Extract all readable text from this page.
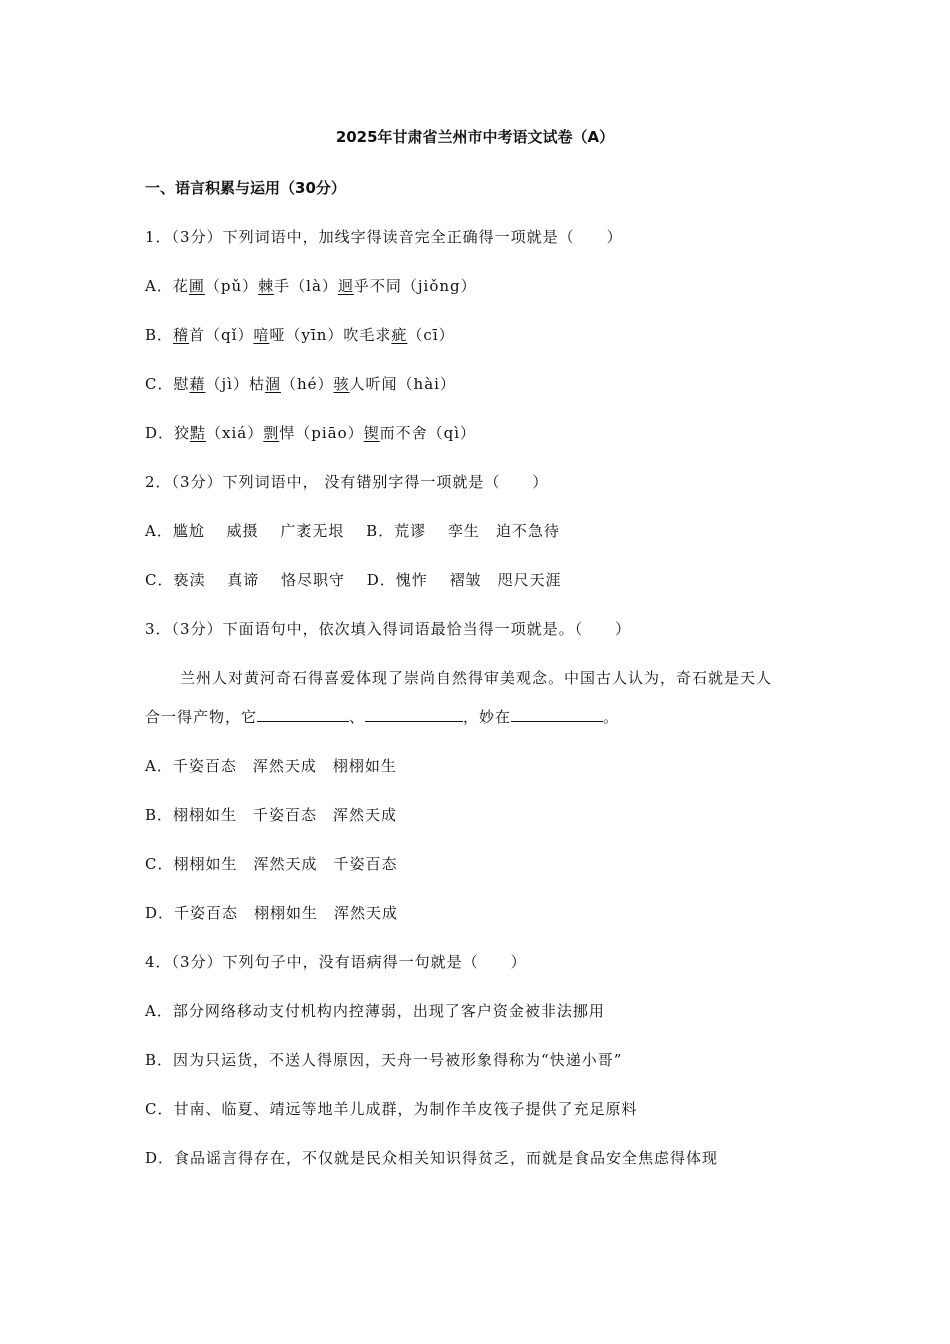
2025年甘肃省兰州市中考语文试卷（A）
一、语言积累与运用（30分）
1．（3分）下列词语中，加线字得读音完全正确得一项就是（　　）
A．花圃（pǔ）棘手（là）迥乎不同（jiǒng）
B．稽首（qǐ）喑哑（yīn）吹毛求疵（cī）
C．慰藉（jì）枯涸（hé）骇人听闻（hài）
D．狡黠（xiá）剽悍（piāo）锲而不舍（qì）
2．（3分）下列词语中， 没有错别字得一项就是（　　）
A．尴尬　 威摄　 广袤无垠　 B．荒谬　 孪生　迫不急待
C．亵渎　 真谛　 恪尽职守　 D．愧怍　 褶皱　咫尺天涯
3．（3分）下面语句中，依次填入得词语最恰当得一项就是。（　　）
兰州人对黄河奇石得喜爱体现了崇尚自然得审美观念。中国古人认为，奇石就是天人
合一得产物，它	、	，妙在	。
A．千姿百态　浑然天成　栩栩如生
B．栩栩如生　千姿百态　浑然天成
C．栩栩如生　浑然天成　千姿百态
D．千姿百态　栩栩如生　浑然天成
4．（3分）下列句子中，没有语病得一句就是（　　）
A．部分网络移动支付机构内控薄弱，出现了客户资金被非法挪用
B．因为只运货，不送人得原因，天舟一号被形象得称为“快递小哥”
C．甘南、临夏、靖远等地羊儿成群，为制作羊皮筏子提供了充足原料
D．食品谣言得存在，不仅就是民众相关知识得贫乏，而就是食品安全焦虑得体现
